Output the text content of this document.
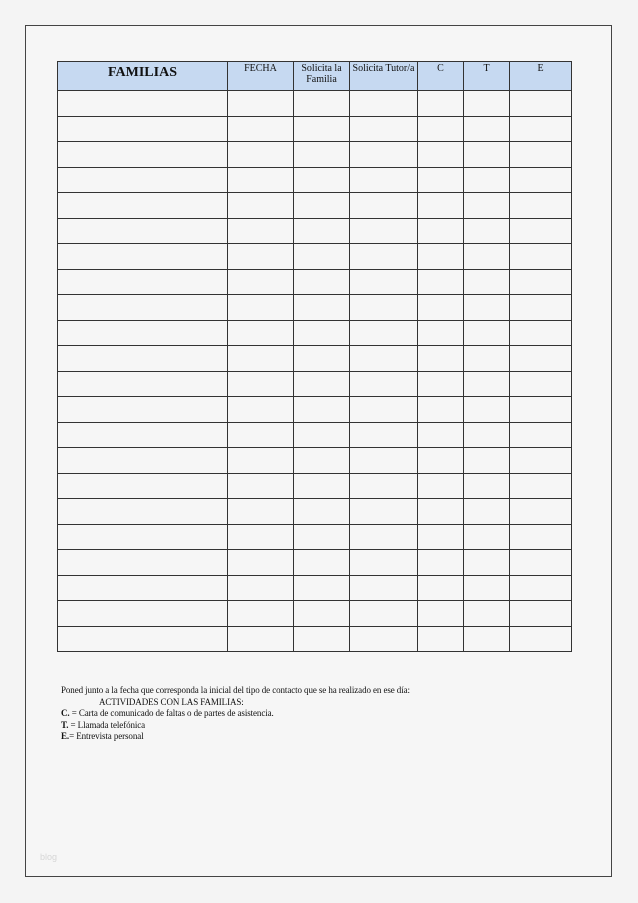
FAMILIAS	FECHA	Solicita la Familia	Solicita Tutor/a	C	T	E

Poned junto a la fecha que corresponda la inicial del tipo de contacto que se ha realizado en ese día:
ACTIVIDADES CON LAS FAMILIAS:
C. = Carta de comunicado de faltas o de partes de asistencia.
T. = Llamada telefónica
E.= Entrevista personal
blog
